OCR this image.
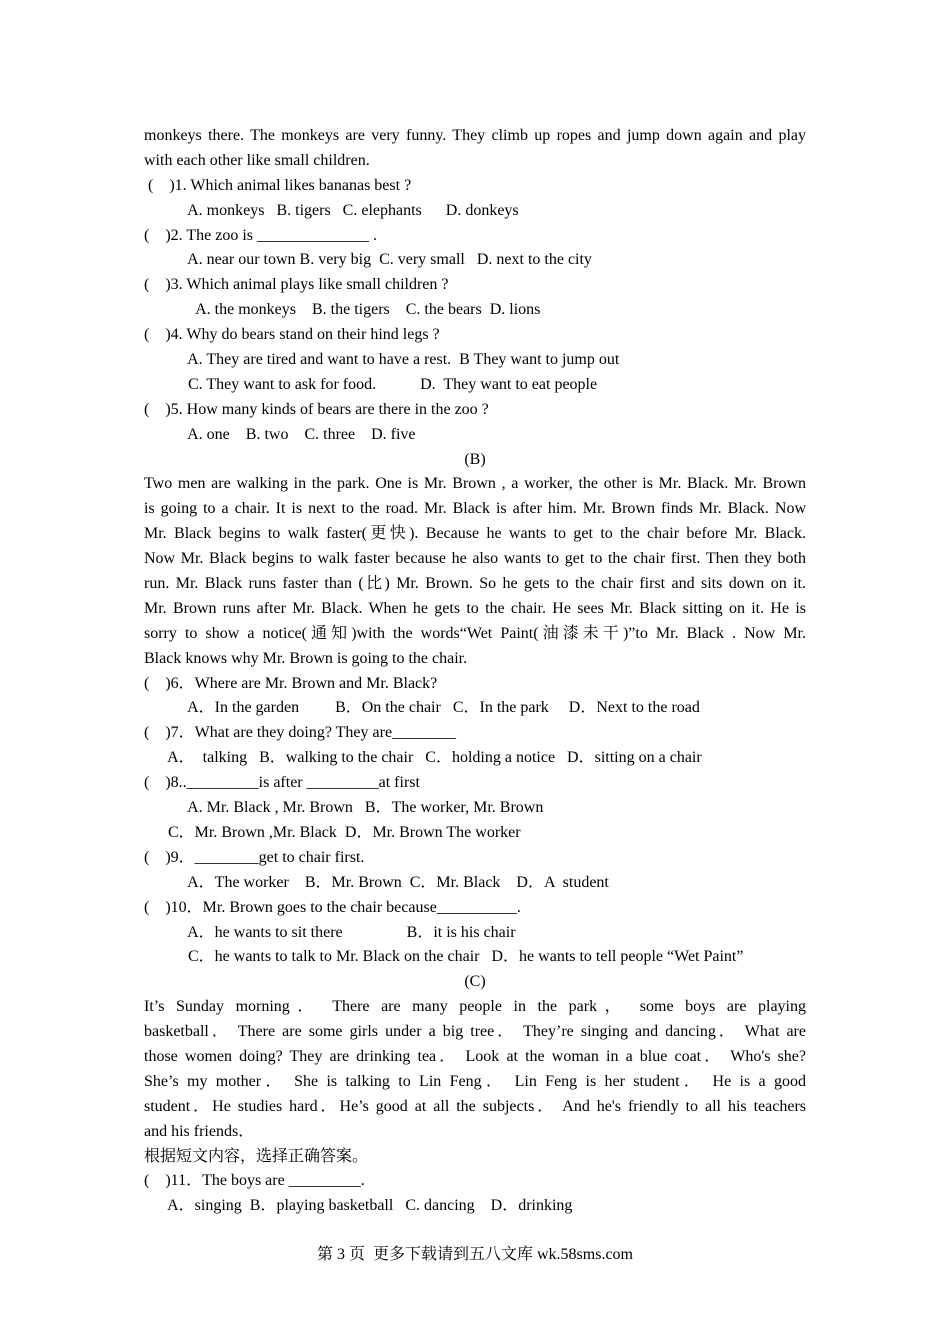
monkeys there. The monkeys are very funny. They climb up ropes and jump down again and play
with each other like small children.
(    )1. Which animal likes bananas best ?
A. monkeys   B. tigers   C. elephants      D. donkeys
(    )2. The zoo is ______________ .
A. near our town B. very big  C. very small   D. next to the city
(    )3. Which animal plays like small children ?
A. the monkeys    B. the tigers    C. the bears  D. lions
(    )4. Why do bears stand on their hind legs ?
A. They are tired and want to have a rest.  B They want to jump out
C. They want to ask for food.           D.  They want to eat people
(    )5. How many kinds of bears are there in the zoo ?
A. one    B. two    C. three    D. five
(B)
Two men are walking in the park. One is Mr. Brown , a worker, the other is Mr. Black. Mr. Brown
is going to a chair. It is next to the road. Mr. Black is after him. Mr. Brown finds Mr. Black. Now
Mr. Black begins to walk faster(更快). Because he wants to get to the chair before Mr. Black.
Now Mr. Black begins to walk faster because he also wants to get to the chair first. Then they both
run. Mr. Black runs faster than (比) Mr. Brown. So he gets to the chair first and sits down on it.
Mr. Brown runs after Mr. Black. When he gets to the chair. He sees Mr. Black sitting on it. He is
sorry to show a notice(通知)with the words“Wet Paint(油漆未干)”to Mr. Black . Now Mr.
Black knows why Mr. Brown is going to the chair.
(    )6．Where are Mr. Brown and Mr. Black?
A．In the garden         B．On the chair   C．In the park     D．Next to the road
(    )7．What are they doing? They are________
A．  talking   B．walking to the chair   C．holding a notice   D．sitting on a chair
(    )8.._________is after _________at first
A. Mr. Black , Mr. Brown   B．The worker, Mr. Brown
C．Mr. Brown ,Mr. Black  D．Mr. Brown The worker
(    )9．________get to chair first.
A．The worker    B．Mr. Brown  C．Mr. Black    D．A  student
(    )10．Mr. Brown goes to the chair because__________.
A．he wants to sit there                B．it is his chair
C．he wants to talk to Mr. Black on the chair   D．he wants to tell people “Wet Paint”
(C)
It’s Sunday morning． There are many people in the park， some boys are playing
basketball． There are some girls under a big tree． They’re singing and dancing． What are
those women doing? They are drinking tea． Look at the woman in a blue coat． Who's she?
She’s my mother． She is talking to Lin Feng． Lin Feng is her student． He is a good
student．He studies hard．He’s good at all the subjects． And he's friendly to all his teachers
and his friends．
根据短文内容，选择正确答案。
(    )11．The boys are _________.
A．singing  B．playing basketball   C. dancing    D．drinking
第 3 页  更多下载请到五八文库 wk.58sms.com
